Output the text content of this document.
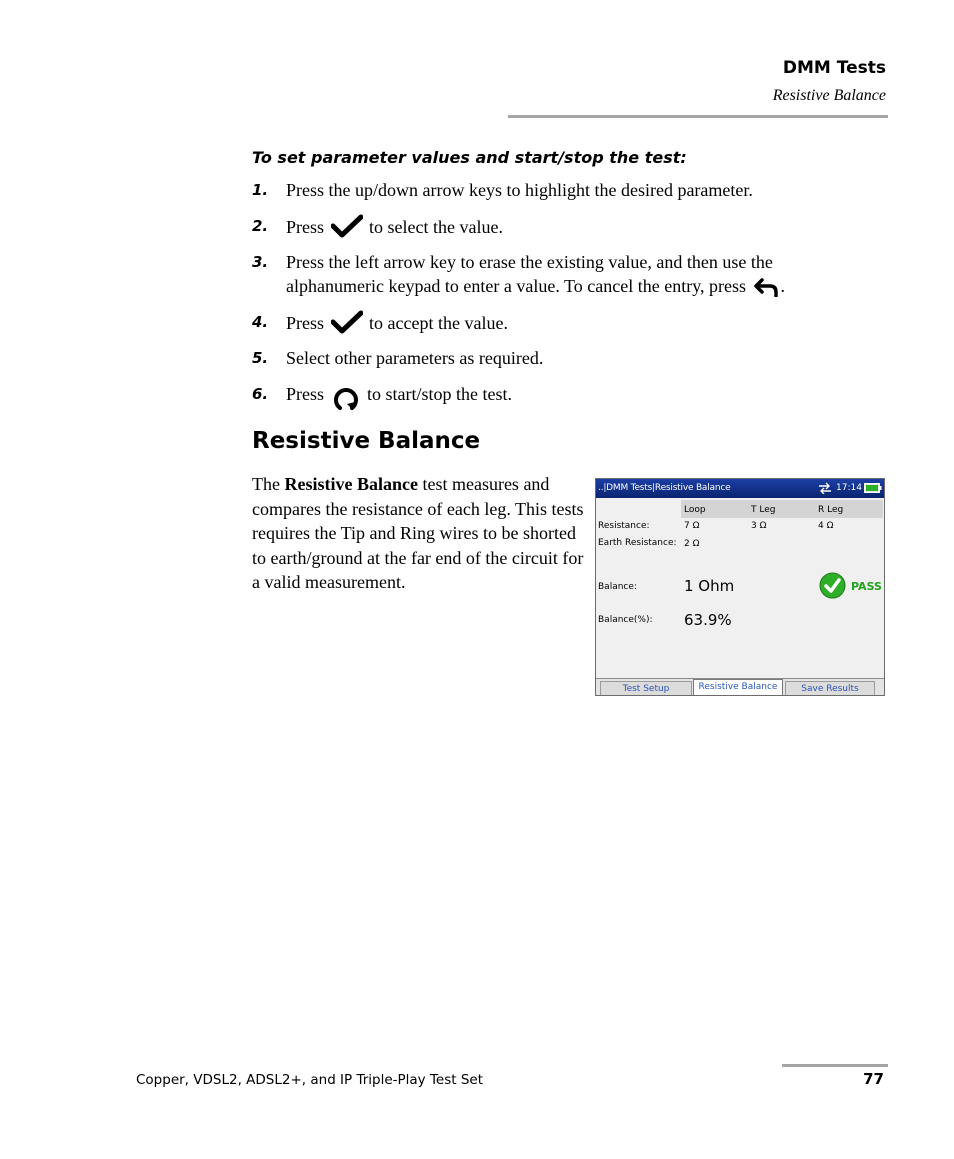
DMM Tests
Resistive Balance
To set parameter values and start/stop the test:
1. Press the up/down arrow keys to highlight the desired parameter.
2. Press	to select the value.
3. Press the left arrow key to erase the existing value, and then use the alphanumeric keypad to enter a value. To cancel the entry, press .
4. Press	to accept the value.
5. Select other parameters as required.
6. Press to start/stop the test.
Resistive Balance
The Resistive Balance test measures and compares the resistance of each leg. This tests requires the Tip and Ring wires to be shorted to earth/ground at the far end of the circuit for a valid measurement.
..|DMM Tests|Resistive Balance	17:14
Loop	T Leg	R Leg
Resistance:	7 Ω	3 Ω	4 Ω
Earth Resistance: 2 Ω
Balance:	1 Ohm	PASS
Balance(%): 63.9%
Test Setup	Resistive Balance	Save Results
Copper, VDSL2, ADSL2+, and IP Triple-Play Test Set	77
